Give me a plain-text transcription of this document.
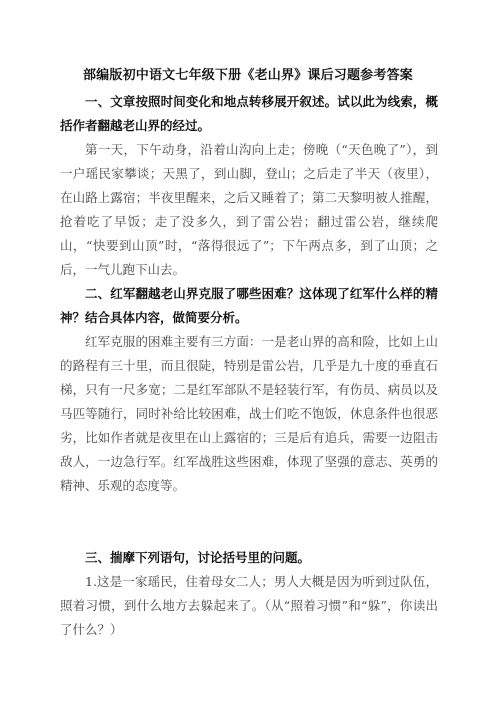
部编版初中语文七年级下册《老山界》课后习题参考答案

一、文章按照时间变化和地点转移展开叙述。试以此为线索，概括作者翻越老山界的经过。

第一天，下午动身，沿着山沟向上走；傍晚（“天色晚了”），到一户瑶民家攀谈；天黑了，到山脚，登山；之后走了半天（夜里），在山路上露宿；半夜里醒来，之后又睡着了；第二天黎明被人推醒，抢着吃了早饭；走了没多久，到了雷公岩；翻过雷公岩，继续爬山，“快要到山顶”时，“落得很远了”；下午两点多，到了山顶；之后，一气儿跑下山去。

二、红军翻越老山界克服了哪些困难？这体现了红军什么样的精神？结合具体内容，做简要分析。

红军克服的困难主要有三方面：一是老山界的高和险，比如上山的路程有三十里，而且很陡，特别是雷公岩，几乎是九十度的垂直石梯，只有一尺多宽；二是红军部队不是轻装行军，有伤员、病员以及马匹等随行，同时补给比较困难，战士们吃不饱饭，休息条件也很恶劣，比如作者就是夜里在山上露宿的；三是后有追兵，需要一边阻击敌人，一边急行军。红军战胜这些困难，体现了坚强的意志、英勇的精神、乐观的态度等。

三、揣摩下列语句，讨论括号里的问题。

1.这是一家瑶民，住着母女二人；男人大概是因为听到过队伍，照着习惯，到什么地方去躲起来了。（从“照着习惯”和“躲”，你读出了什么？）
